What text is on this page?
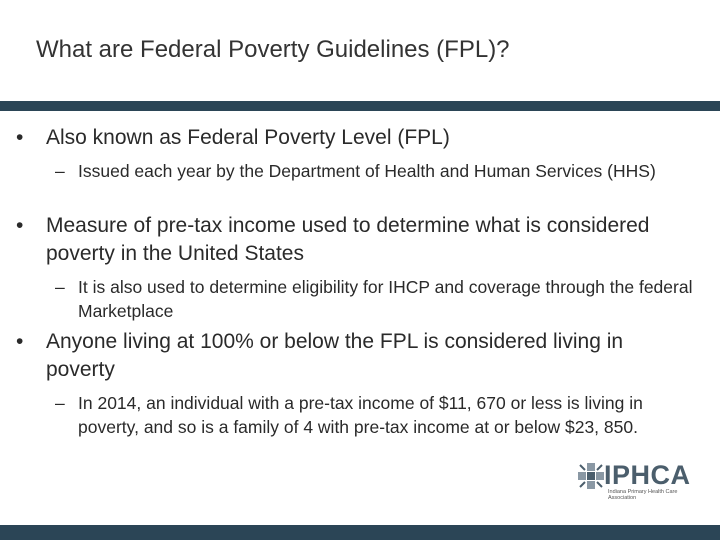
What are Federal Poverty Guidelines (FPL)?
• Also known as Federal Poverty Level (FPL)
– Issued each year by the Department of Health and Human Services (HHS)
• Measure of pre-tax income used to determine what is considered poverty in the United States
– It is also used to determine eligibility for IHCP and coverage through the federal Marketplace
• Anyone living at 100% or below the FPL is considered living in poverty
– In 2014, an individual with a pre-tax income of $11, 670 or less is living in poverty, and so is a family of 4 with pre-tax income at or below $23, 850.
IPHCA
Indiana Primary Health Care Association
